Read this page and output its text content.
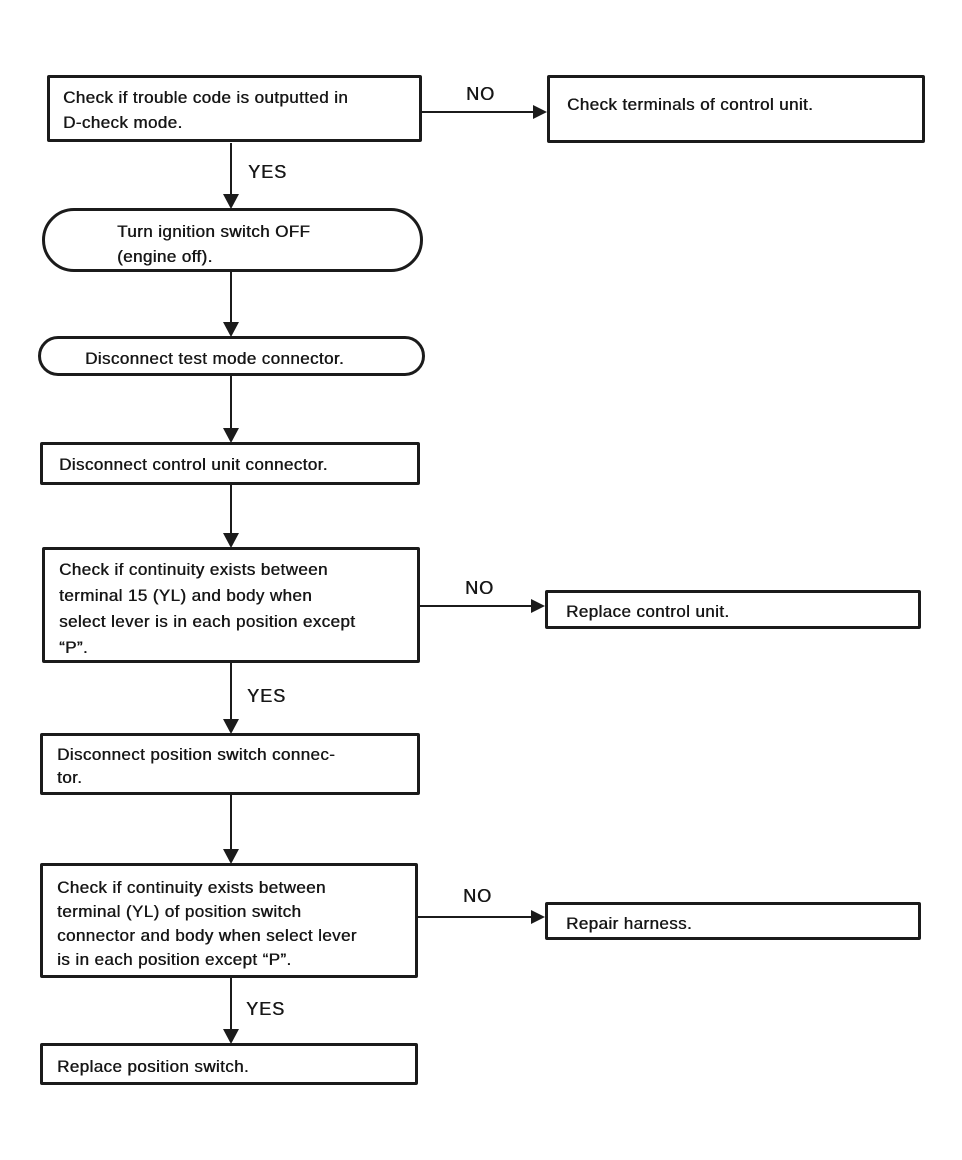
Check if trouble code is outputted in
D-check mode.
Check terminals of control unit.
NO
YES
Turn ignition switch OFF
(engine off).
Disconnect test mode connector.
Disconnect control unit connector.
Check if continuity exists between
terminal 15 (YL) and body when
select lever is in each position except
“P”.
NO
Replace control unit.
YES
Disconnect position switch connec-
tor.
Check if continuity exists between
terminal (YL) of position switch
connector and body when select lever
is in each position except “P”.
NO
Repair harness.
YES
Replace position switch.
